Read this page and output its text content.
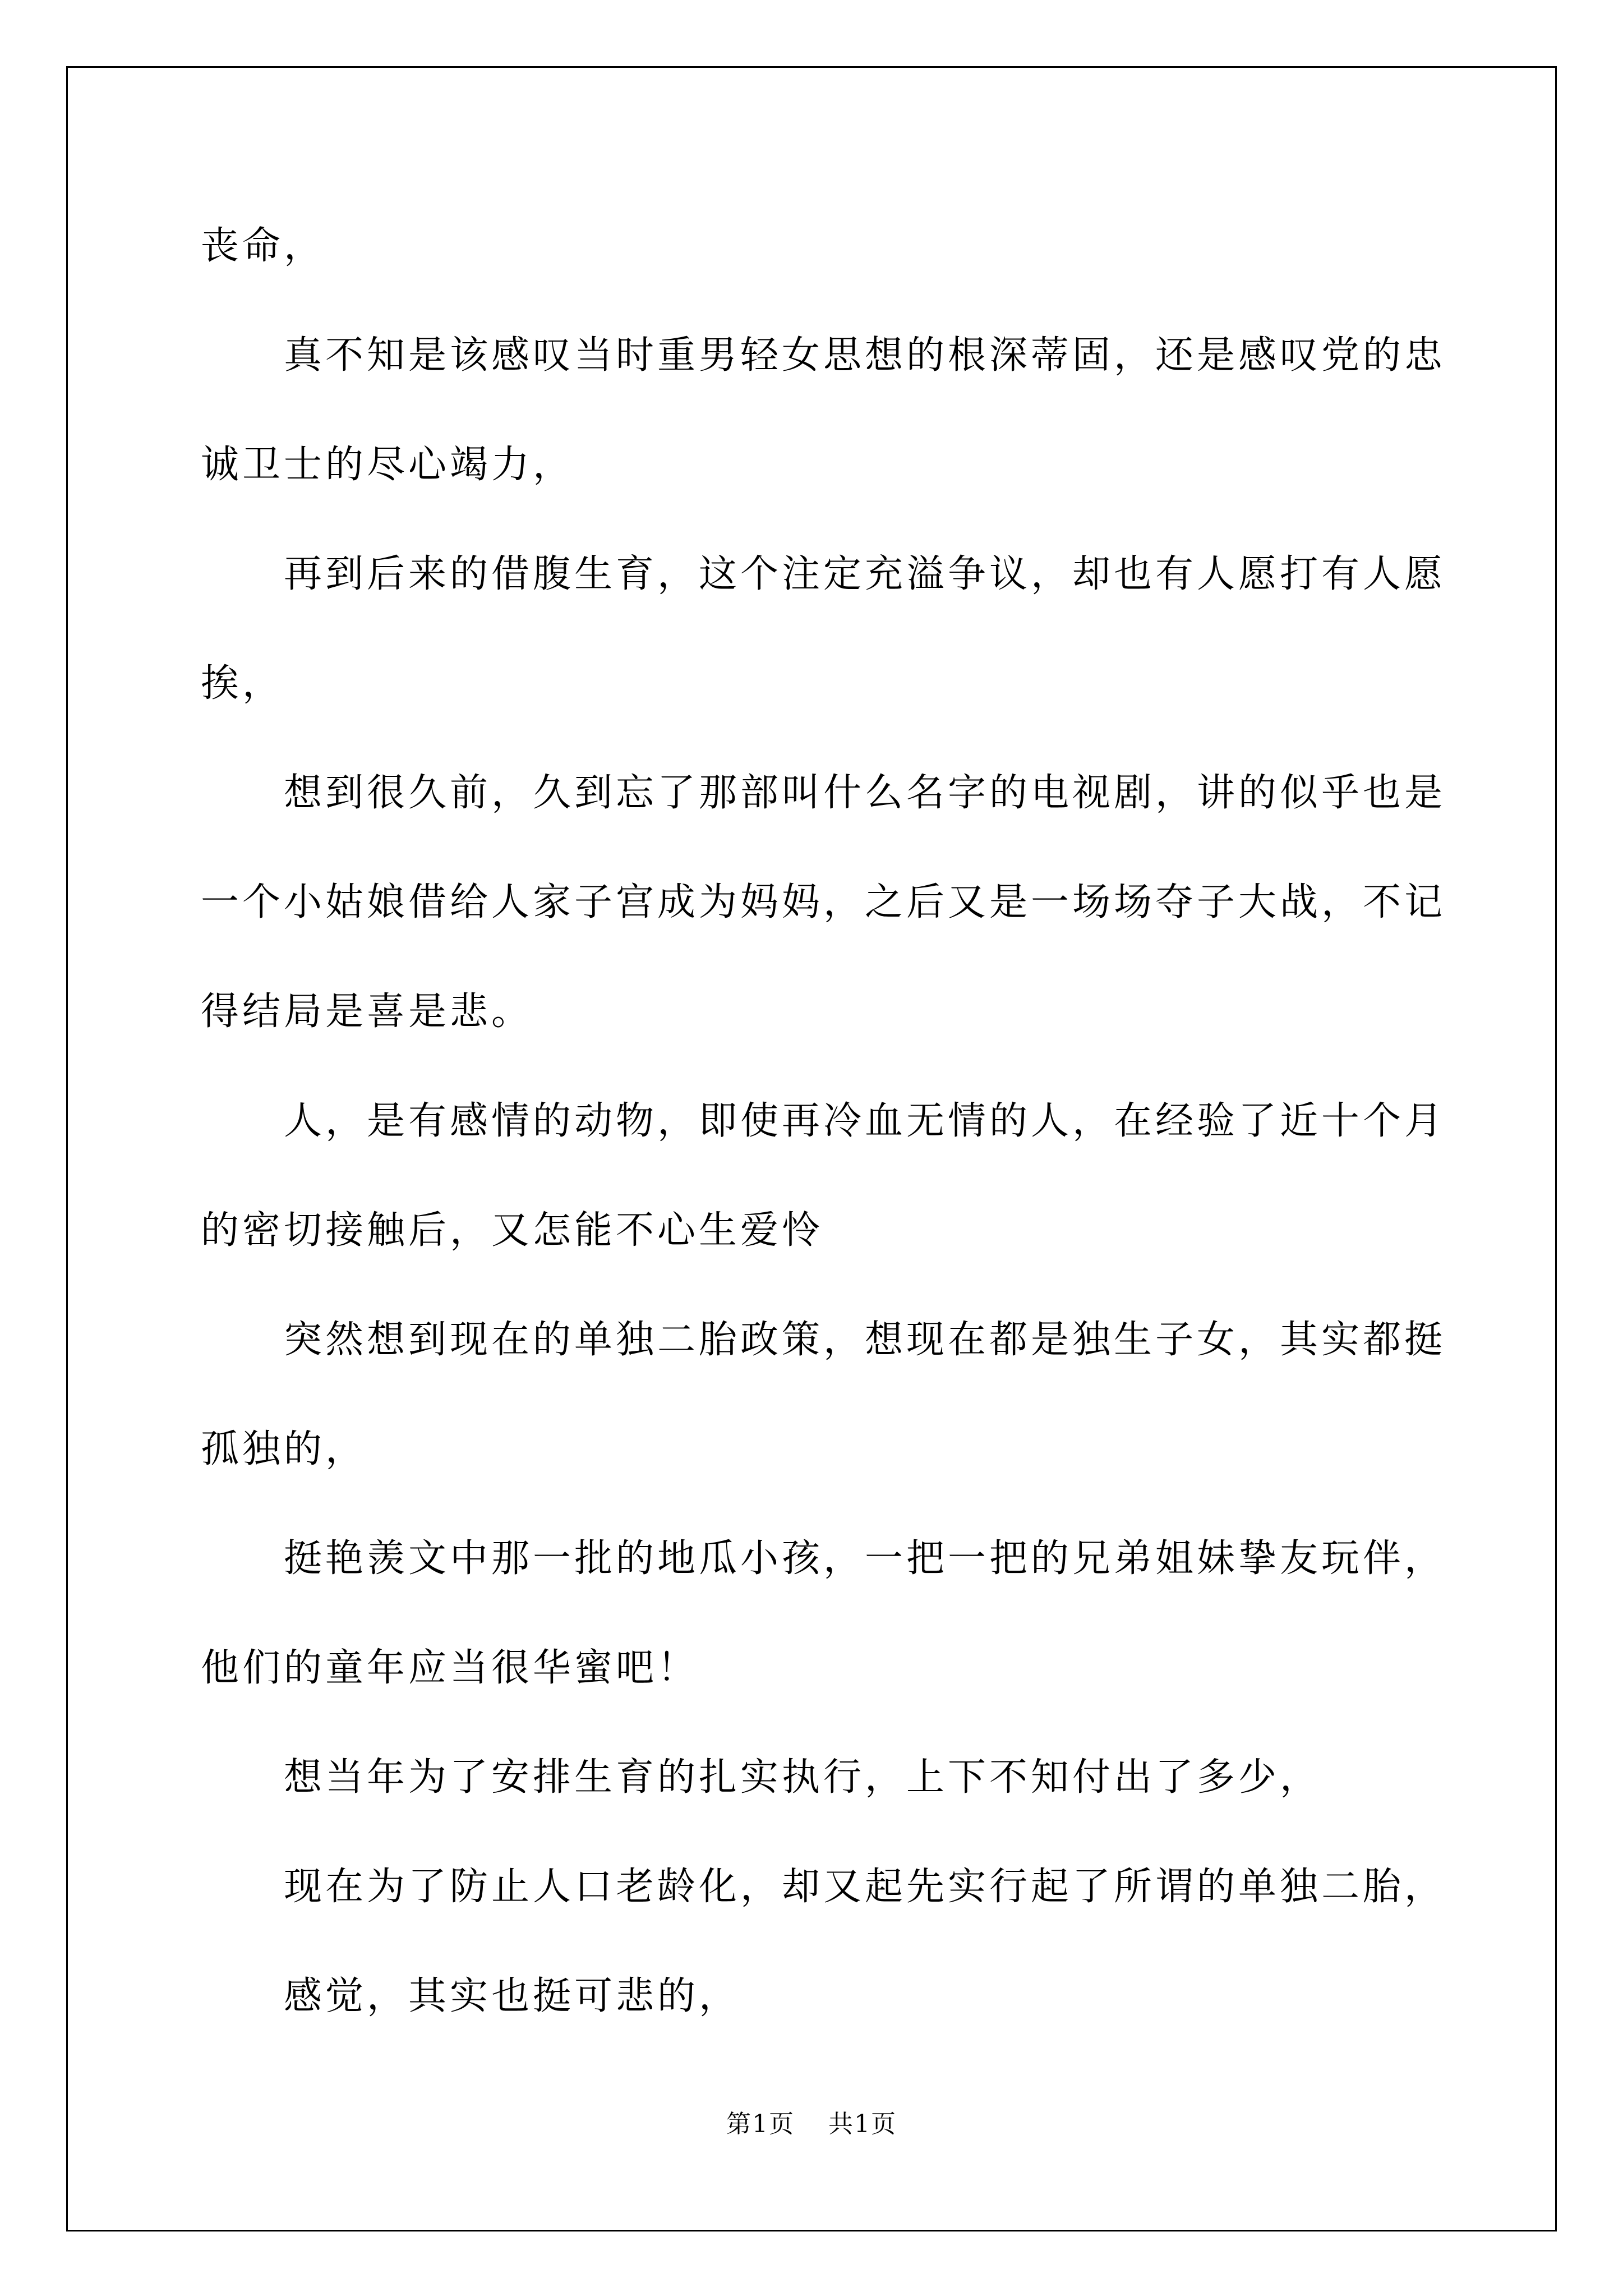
丧命，
真不知是该感叹当时重男轻女思想的根深蒂固，还是感叹党的忠
诚卫士的尽心竭力，
再到后来的借腹生育，这个注定充溢争议，却也有人愿打有人愿
挨，
想到很久前，久到忘了那部叫什么名字的电视剧，讲的似乎也是
一个小姑娘借给人家子宫成为妈妈，之后又是一场场夺子大战，不记
得结局是喜是悲。
人，是有感情的动物，即使再冷血无情的人，在经验了近十个月
的密切接触后，又怎能不心生爱怜
突然想到现在的单独二胎政策，想现在都是独生子女，其实都挺
孤独的，
挺艳羡文中那一批的地瓜小孩，一把一把的兄弟姐妹挚友玩伴，
他们的童年应当很华蜜吧！
想当年为了安排生育的扎实执行，上下不知付出了多少，
现在为了防止人口老龄化，却又起先实行起了所谓的单独二胎，
感觉，其实也挺可悲的，
第1页 共1页
